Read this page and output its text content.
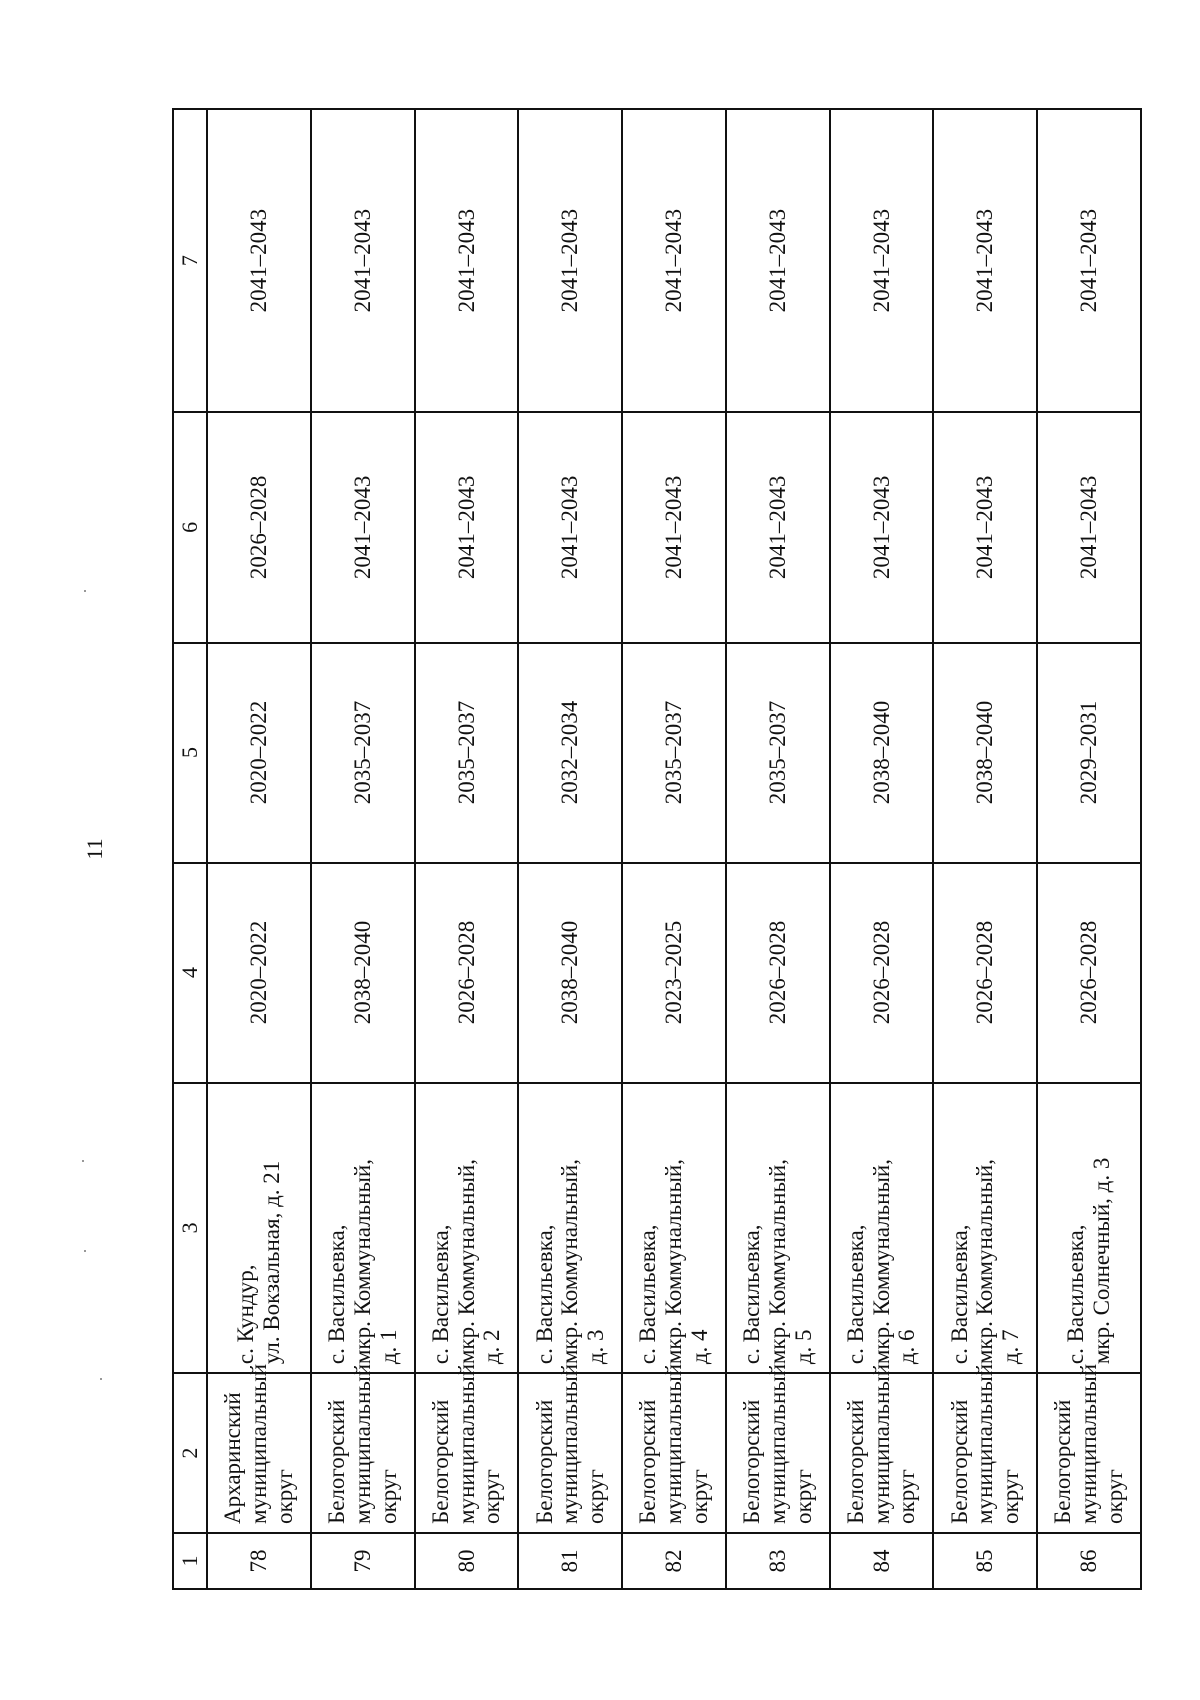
11
1	2	3	4	5	6	7
78	Архаринский муниципальный округ	с. Кундур, ул. Вокзальная, д. 21	2020–2022	2020–2022	2026–2028	2041–2043
79	Белогорский муниципальный округ	с. Васильевка, мкр. Коммунальный, д. 1	2038–2040	2035–2037	2041–2043	2041–2043
80	Белогорский муниципальный округ	с. Васильевка, мкр. Коммунальный, д. 2	2026–2028	2035–2037	2041–2043	2041–2043
81	Белогорский муниципальный округ	с. Васильевка, мкр. Коммунальный, д. 3	2038–2040	2032–2034	2041–2043	2041–2043
82	Белогорский муниципальный округ	с. Васильевка, мкр. Коммунальный, д. 4	2023–2025	2035–2037	2041–2043	2041–2043
83	Белогорский муниципальный округ	с. Васильевка, мкр. Коммунальный, д. 5	2026–2028	2035–2037	2041–2043	2041–2043
84	Белогорский муниципальный округ	с. Васильевка, мкр. Коммунальный, д. 6	2026–2028	2038–2040	2041–2043	2041–2043
85	Белогорский муниципальный округ	с. Васильевка, мкр. Коммунальный, д. 7	2026–2028	2038–2040	2041–2043	2041–2043
86	Белогорский муниципальный округ	с. Васильевка, мкр. Солнечный, д. 3	2026–2028	2029–2031	2041–2043	2041–2043
